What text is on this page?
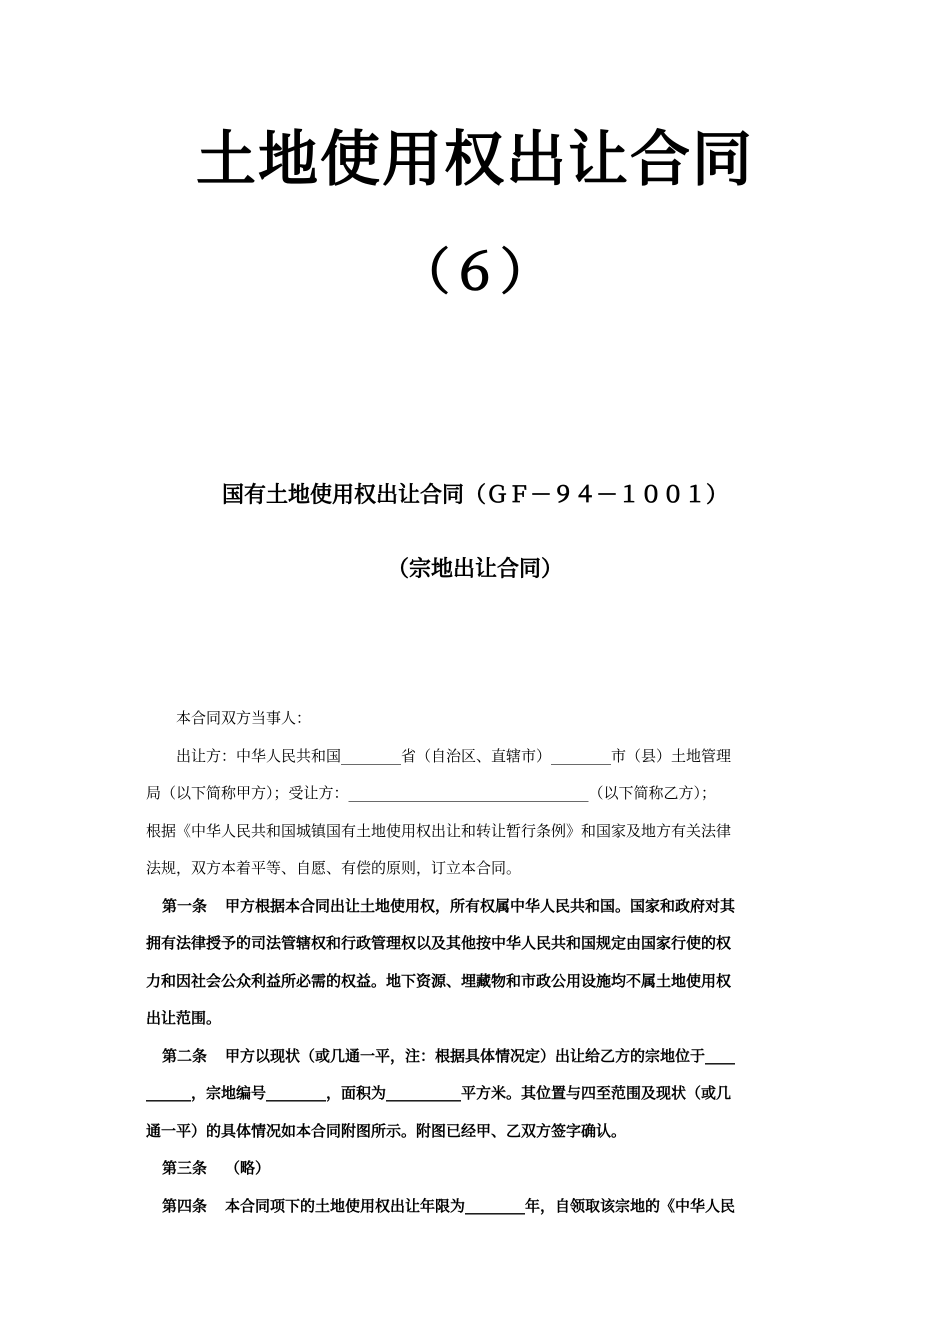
土地使用权出让合同
（６）
国有土地使用权出让合同（ＧＦ－９４－１００１）
（宗地出让合同）
本合同双方当事人：
出让方：中华人民共和国________省（自治区、直辖市）________市（县）土地管理
局（以下简称甲方）；受让方：________________________________（以下简称乙方）；
根据《中华人民共和国城镇国有土地使用权出让和转让暂行条例》和国家及地方有关法律
法规，双方本着平等、自愿、有偿的原则，订立本合同。
第一条 甲方根据本合同出让土地使用权，所有权属中华人民共和国。国家和政府对其
拥有法律授予的司法管辖权和行政管理权以及其他按中华人民共和国规定由国家行使的权
力和因社会公众利益所必需的权益。地下资源、埋藏物和市政公用设施均不属土地使用权
出让范围。
第二条 甲方以现状（或几通一平，注：根据具体情况定）出让给乙方的宗地位于____
______，宗地编号________，面积为__________平方米。其位置与四至范围及现状（或几
通一平）的具体情况如本合同附图所示。附图已经甲、乙双方签字确认。
第三条 （略）
第四条 本合同项下的土地使用权出让年限为________年，自领取该宗地的《中华人民
